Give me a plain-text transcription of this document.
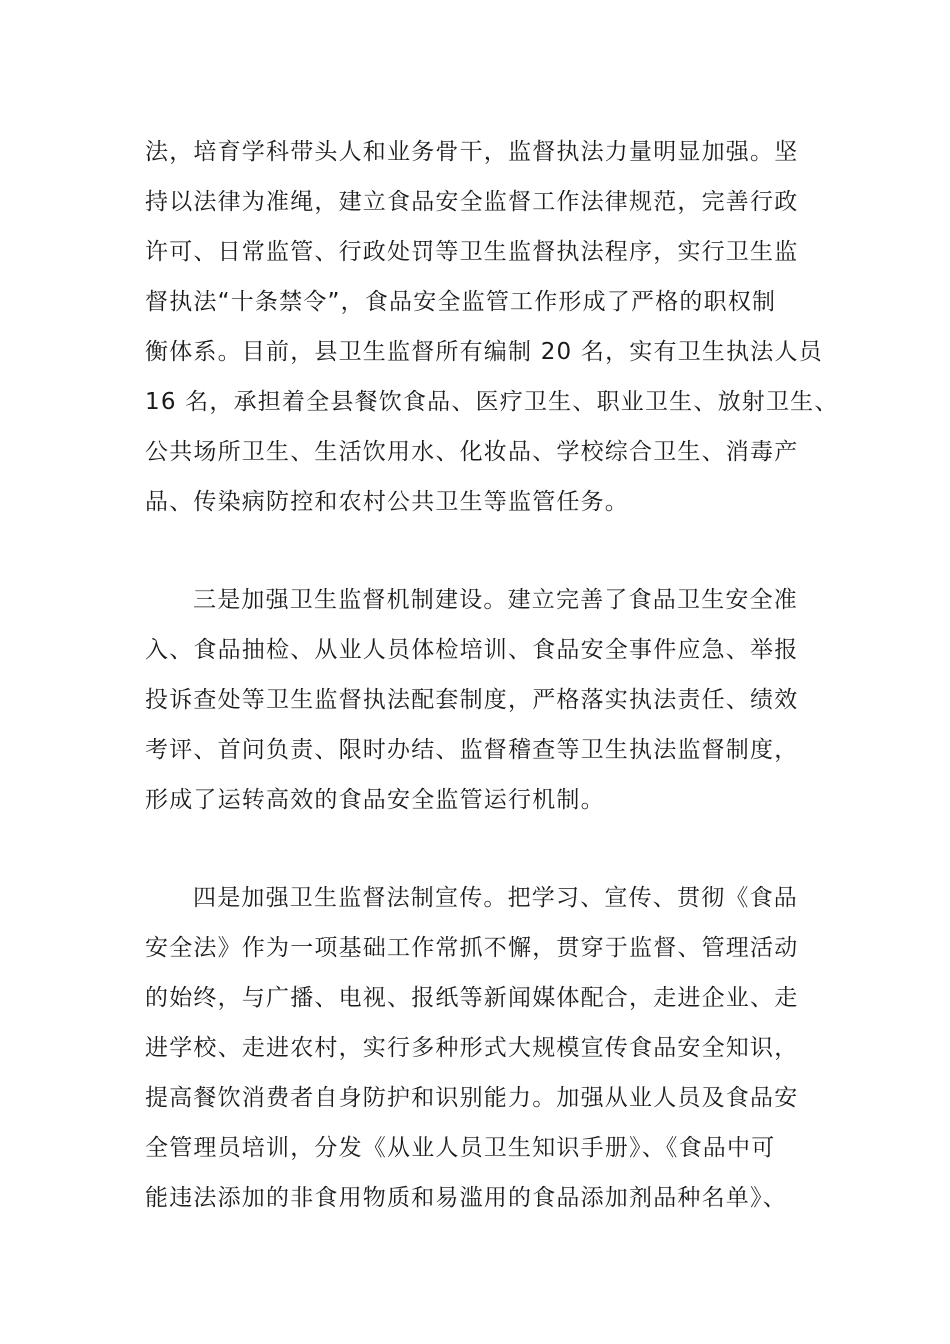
法，培育学科带头人和业务骨干，监督执法力量明显加强。坚
持以法律为准绳，建立食品安全监督工作法律规范，完善行政
许可、日常监管、行政处罚等卫生监督执法程序，实行卫生监
督执法“十条禁令”，食品安全监管工作形成了严格的职权制
衡体系。目前，县卫生监督所有编制 20 名，实有卫生执法人员
16 名，承担着全县餐饮食品、医疗卫生、职业卫生、放射卫生、
公共场所卫生、生活饮用水、化妆品、学校综合卫生、消毒产
品、传染病防控和农村公共卫生等监管任务。
三是加强卫生监督机制建设。建立完善了食品卫生安全准
入、食品抽检、从业人员体检培训、食品安全事件应急、举报
投诉查处等卫生监督执法配套制度，严格落实执法责任、绩效
考评、首问负责、限时办结、监督稽查等卫生执法监督制度，
形成了运转高效的食品安全监管运行机制。
四是加强卫生监督法制宣传。把学习、宣传、贯彻《食品
安全法》作为一项基础工作常抓不懈，贯穿于监督、管理活动
的始终，与广播、电视、报纸等新闻媒体配合，走进企业、走
进学校、走进农村，实行多种形式大规模宣传食品安全知识，
提高餐饮消费者自身防护和识别能力。加强从业人员及食品安
全管理员培训，分发《从业人员卫生知识手册》、《食品中可
能违法添加的非食用物质和易滥用的食品添加剂品种名单》、
